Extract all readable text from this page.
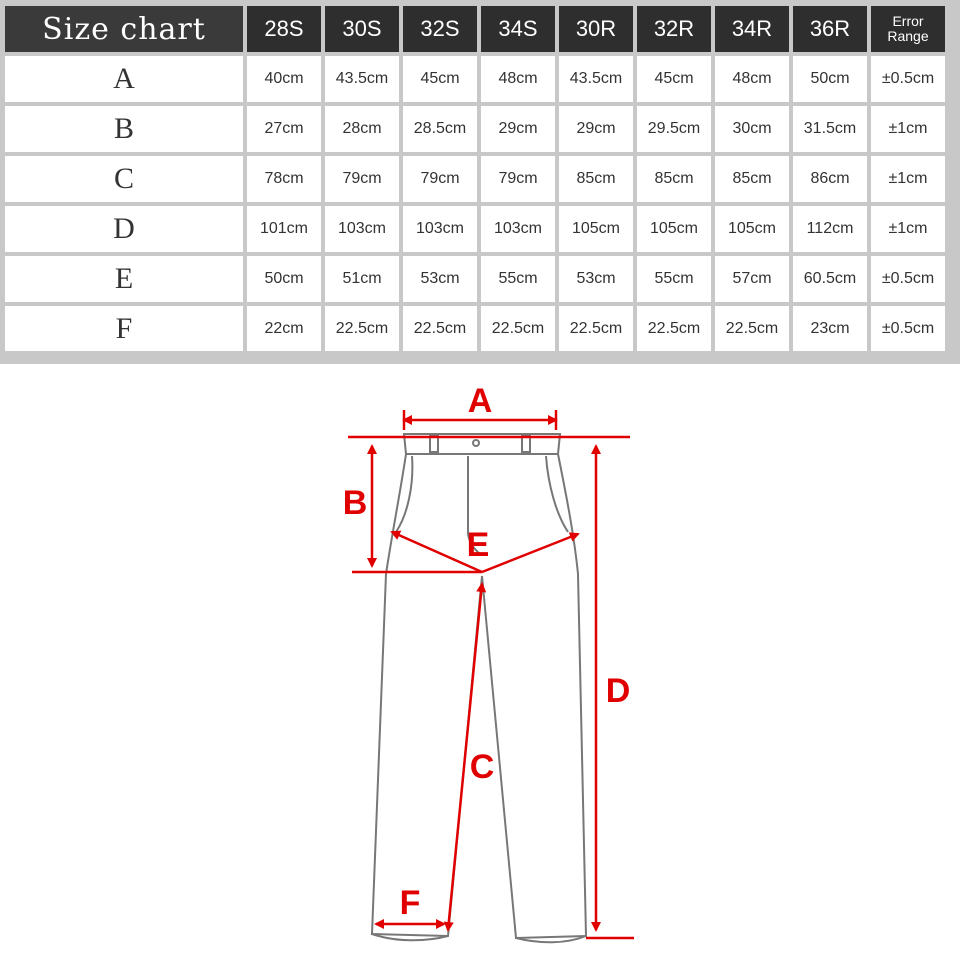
Size chart	28S	30S	32S	34S	30R	32R	34R	36R	Error
Range
A	40cm	43.5cm	45cm	48cm	43.5cm	45cm	48cm	50cm	±0.5cm
B	27cm	28cm	28.5cm	29cm	29cm	29.5cm	30cm	31.5cm	±1cm
C	78cm	79cm	79cm	79cm	85cm	85cm	85cm	86cm	±1cm
D	101cm	103cm	103cm	103cm	105cm	105cm	105cm	112cm	±1cm
E	50cm	51cm	53cm	55cm	53cm	55cm	57cm	60.5cm	±0.5cm
F	22cm	22.5cm	22.5cm	22.5cm	22.5cm	22.5cm	22.5cm	23cm	±0.5cm
A
B
E
D
C
F
